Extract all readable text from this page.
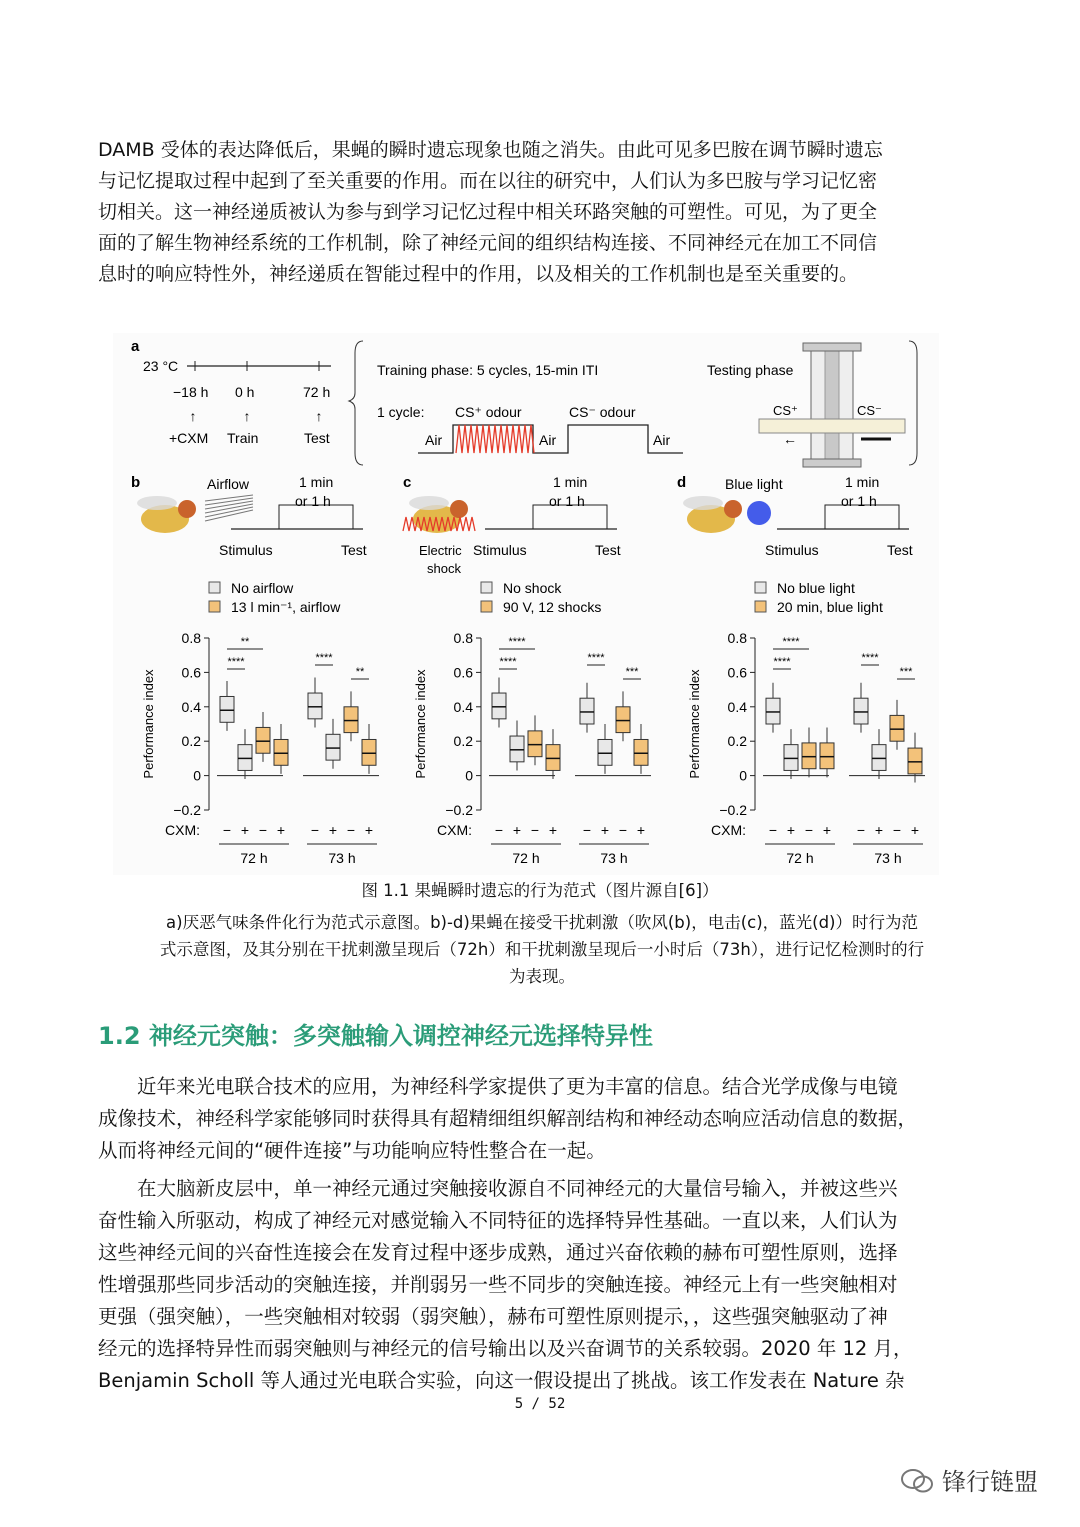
DAMB 受体的表达降低后，果蝇的瞬时遗忘现象也随之消失。由此可见多巴胺在调节瞬时遗忘
与记忆提取过程中起到了至关重要的作用。而在以往的研究中，人们认为多巴胺与学习记忆密
切相关。这一神经递质被认为参与到学习记忆过程中相关环路突触的可塑性。可见，为了更全
面的了解生物神经系统的工作机制，除了神经元间的组织结构连接、不同神经元在加工不同信
息时的响应特性外，神经递质在智能过程中的作用，以及相关的工作机制也是至关重要的。
a
23 °C
−18 h 0 h	72 h
↑	↑	↑
+CXM Train	Test
Training phase: 5 cycles, 15-min ITI
1 cycle: CS⁺ odour	CS⁻ odour
Air	Air	Air
Testing phase
CS⁺	CS⁻
←
b	Airflow	1 min
or 1 h
Stimulus	Test
No airflow
13 l min⁻¹, airflow
0.8
0.6
0.4
0.2
0
−0.2
Performance index
**
****	****
**
CXM: − + − + − + − +
72 h	73 h
c
Electric
shock
1 min
or 1 h
Stimulus	Test
No shock
90 V, 12 shocks
0.8
0.6
0.4
0.2
0
−0.2
Performance index
****
****	****
***
CXM: − + − + − + − +
72 h	73 h
d	Blue light	1 min
or 1 h
Stimulus	Test
No blue light
20 min, blue light
0.8
0.6
0.4
0.2
0
−0.2
Performance index
****
****	****
***
CXM: − + − + − + − +
72 h	73 h
图 1.1 果蝇瞬时遗忘的行为范式（图片源自[6]）
a)厌恶气味条件化行为范式示意图。b)-d)果蝇在接受干扰刺激（吹风(b)，电击(c)，蓝光(d)）时行为范
式示意图，及其分别在干扰刺激呈现后（72h）和干扰刺激呈现后一小时后（73h），进行记忆检测时的行
为表现。
1.2 神经元突触：多突触输入调控神经元选择特异性
近年来光电联合技术的应用，为神经科学家提供了更为丰富的信息。结合光学成像与电镜
成像技术，神经科学家能够同时获得具有超精细组织解剖结构和神经动态响应活动信息的数据，
从而将神经元间的“硬件连接”与功能响应特性整合在一起。
在大脑新皮层中，单一神经元通过突触接收源自不同神经元的大量信号输入，并被这些兴
奋性输入所驱动，构成了神经元对感觉输入不同特征的选择特异性基础。一直以来，人们认为
这些神经元间的兴奋性连接会在发育过程中逐步成熟，通过兴奋依赖的赫布可塑性原则，选择
性增强那些同步活动的突触连接，并削弱另一些不同步的突触连接。神经元上有一些突触相对
更强（强突触），一些突触相对较弱（弱突触），赫布可塑性原则提示，，这些强突触驱动了神
经元的选择特异性而弱突触则与神经元的信号输出以及兴奋调节的关系较弱。2020 年 12 月，
Benjamin Scholl 等人通过光电联合实验，向这一假设提出了挑战。该工作发表在 Nature 杂
5 / 52
锋行链盟
